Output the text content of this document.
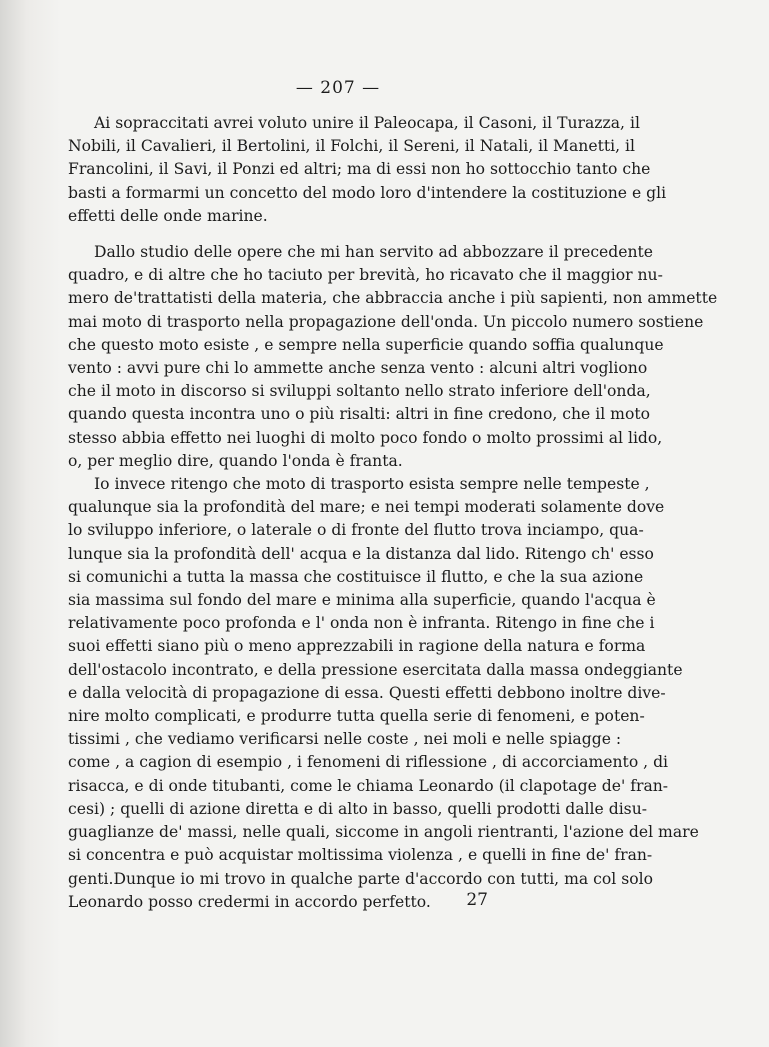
— 207 —
Ai sopraccitati avrei voluto unire il Paleocapa, il Casoni, il Turazza, il
Nobili, il Cavalieri, il Bertolini, il Folchi, il Sereni, il Natali, il Manetti, il
Francolini, il Savi, il Ponzi ed altri; ma di essi non ho sottocchio tanto che
basti a formarmi un concetto del modo loro d'intendere la costituzione e gli
effetti delle onde marine.
Dallo studio delle opere che mi han servito ad abbozzare il precedente
quadro, e di altre che ho taciuto per brevità, ho ricavato che il maggior nu-
mero de'trattatisti della materia, che abbraccia anche i più sapienti, non ammette
mai moto di trasporto nella propagazione dell'onda. Un piccolo numero sostiene
che questo moto esiste , e sempre nella superficie quando soffia qualunque
vento : avvi pure chi lo ammette anche senza vento : alcuni altri vogliono
che il moto in discorso si sviluppi soltanto nello strato inferiore dell'onda,
quando questa incontra uno o più risalti: altri in fine credono, che il moto
stesso abbia effetto nei luoghi di molto poco fondo o molto prossimi al lido,
o, per meglio dire, quando l'onda è franta.
Io invece ritengo che moto di trasporto esista sempre nelle tempeste ,
qualunque sia la profondità del mare; e nei tempi moderati solamente dove
lo sviluppo inferiore, o laterale o di fronte del flutto trova inciampo, qua-
lunque sia la profondità dell' acqua e la distanza dal lido. Ritengo ch' esso
si comunichi a tutta la massa che costituisce il flutto, e che la sua azione
sia massima sul fondo del mare e minima alla superficie, quando l'acqua è
relativamente poco profonda e l' onda non è infranta. Ritengo in fine che i
suoi effetti siano più o meno apprezzabili in ragione della natura e forma
dell'ostacolo incontrato, e della pressione esercitata dalla massa ondeggiante
e dalla velocità di propagazione di essa. Questi effetti debbono inoltre dive-
nire molto complicati, e produrre tutta quella serie di fenomeni, e poten-
tissimi , che vediamo verificarsi nelle coste , nei moli e nelle spiagge :
come , a cagion di esempio , i fenomeni di riflessione , di accorciamento , di
risacca, e di onde titubanti, come le chiama Leonardo (il clapotage de' fran-
cesi) ; quelli di azione diretta e di alto in basso, quelli prodotti dalle disu-
guaglianze de' massi, nelle quali, siccome in angoli rientranti, l'azione del mare
si concentra e può acquistar moltissima violenza , e quelli in fine de' fran-
genti.Dunque io mi trovo in qualche parte d'accordo con tutti, ma col solo
Leonardo posso credermi in accordo perfetto.	27
